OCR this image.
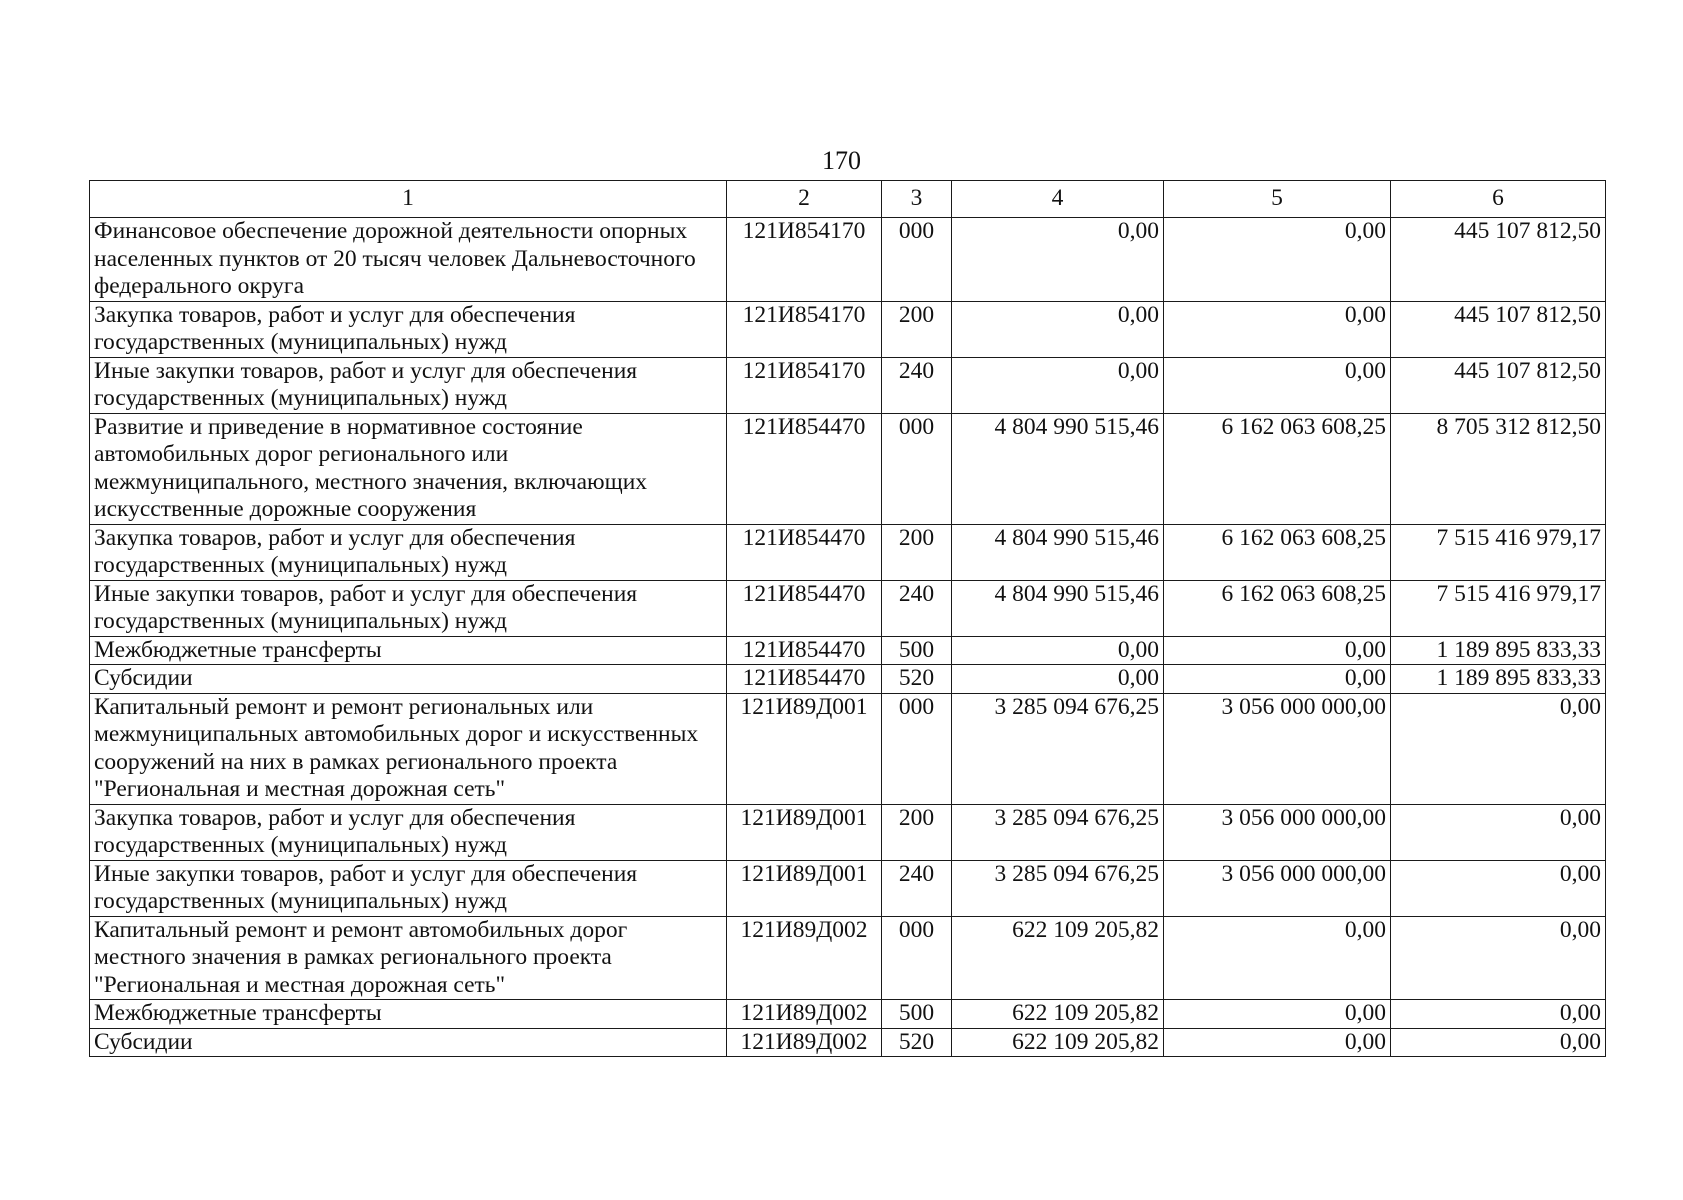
170
1	2	3	4	5	6
Финансовое обеспечение дорожной деятельности опорных населенных пунктов от 20 тысяч человек Дальневосточного федерального округа	121И854170	000	0,00	0,00	445 107 812,50
Закупка товаров, работ и услуг для обеспечения государственных (муниципальных) нужд	121И854170	200	0,00	0,00	445 107 812,50
Иные закупки товаров, работ и услуг для обеспечения государственных (муниципальных) нужд	121И854170	240	0,00	0,00	445 107 812,50
Развитие и приведение в нормативное состояние автомобильных дорог регионального или межмуниципального, местного значения, включающих искусственные дорожные сооружения	121И854470	000	4 804 990 515,46	6 162 063 608,25	8 705 312 812,50
Закупка товаров, работ и услуг для обеспечения государственных (муниципальных) нужд	121И854470	200	4 804 990 515,46	6 162 063 608,25	7 515 416 979,17
Иные закупки товаров, работ и услуг для обеспечения государственных (муниципальных) нужд	121И854470	240	4 804 990 515,46	6 162 063 608,25	7 515 416 979,17
Межбюджетные трансферты	121И854470	500	0,00	0,00	1 189 895 833,33
Субсидии	121И854470	520	0,00	0,00	1 189 895 833,33
Капитальный ремонт и ремонт региональных или межмуниципальных автомобильных дорог и искусственных сооружений на них в рамках регионального проекта "Региональная и местная дорожная сеть"	121И89Д001	000	3 285 094 676,25	3 056 000 000,00	0,00
Закупка товаров, работ и услуг для обеспечения государственных (муниципальных) нужд	121И89Д001	200	3 285 094 676,25	3 056 000 000,00	0,00
Иные закупки товаров, работ и услуг для обеспечения государственных (муниципальных) нужд	121И89Д001	240	3 285 094 676,25	3 056 000 000,00	0,00
Капитальный ремонт и ремонт автомобильных дорог местного значения в рамках регионального проекта "Региональная и местная дорожная сеть"	121И89Д002	000	622 109 205,82	0,00	0,00
Межбюджетные трансферты	121И89Д002	500	622 109 205,82	0,00	0,00
Субсидии	121И89Д002	520	622 109 205,82	0,00	0,00
